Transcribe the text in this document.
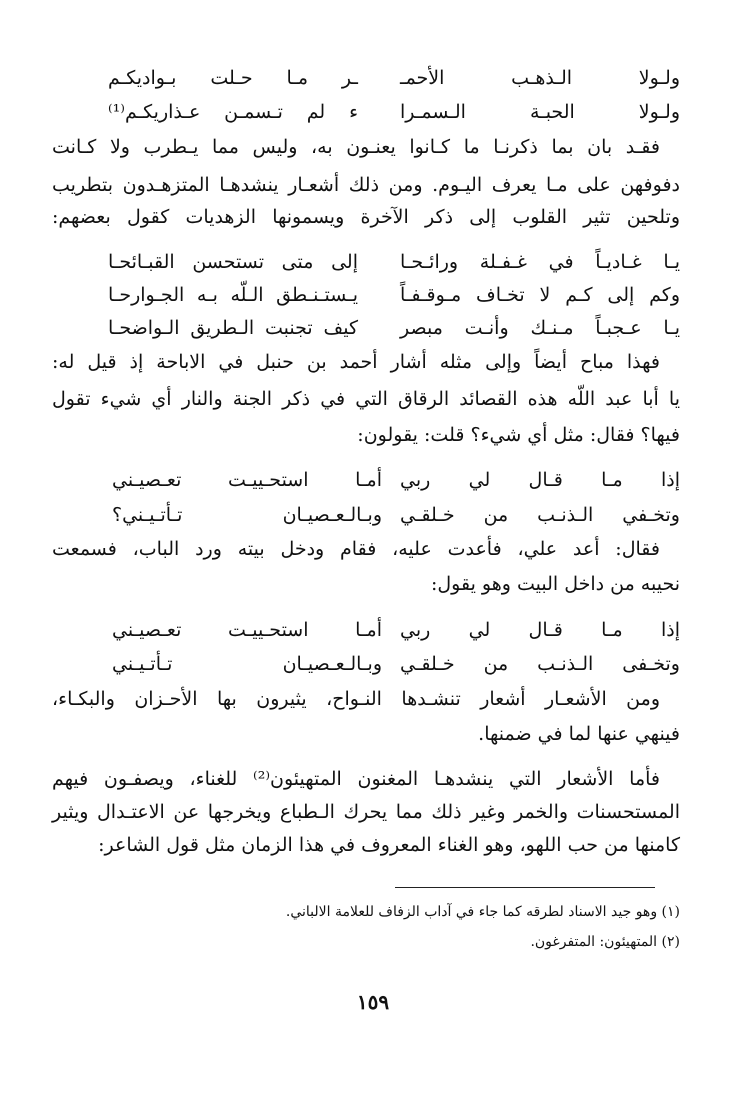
ولـولا الـذهـب الأحمـ
ـر مـا حـلت بـواديكـم
ولـولا الحبـة الـسمـرا
ء لم تـسمـن عـذاريكـم⁽¹⁾
فقـد بان بما ذكرنـا ما كـانوا يعنـون به، وليس مما يـطرب ولا كـانت
دفوفهن على مـا يعرف اليـوم. ومن ذلك أشعـار ينشدهـا المتزهـدون بتطريب
وتلحين تثير القلوب إلى ذكر الآخرة ويسمونها الزهديات كقول بعضهم:
يـا غـاديـاً في غـفـلة ورائـحـا
إلى متى تستحسن القبـائحـا
وكم إلى كـم لا تخـاف مـوقـفـاً
يـستـنـطق الـلّه بـه الجـوارحـا
يـا عـجبـاً مـنـك وأنـت مبصر
كيف تجنبت الـطريق الـواضحـا
فهذا مباح أيضاً وإلى مثله أشار أحمد بن حنبل في الاباحة إذ قيل له:
يا أبا عبد اللّه هذه القصائد الرقاق التي في ذكر الجنة والنار أي شيء تقول
فيها؟ فقال: مثل أي شيء؟ قلت: يقولون:
إذا مـا قـال لي ربي
أمـا استحـييـت تعـصيـني
وتخـفي الـذنـب من خـلقـي
وبـالـعـصيـان تـأتـيـني؟
فقال: أعد علي، فأعدت عليه، فقام ودخل بيته ورد الباب، فسمعت
نحيبه من داخل البيت وهو يقول:
إذا مـا قـال لي ربي
أمـا استحـييـت تعـصيـني
وتخـفى الـذنـب من خـلقـي
وبـالـعـصيـان تـأتـيـني
ومن الأشعـار أشعار تنشـدها النـواح، يثيرون بها الأحـزان والبكـاء،
فينهي عنها لما في ضمنها.
فأما الأشعار التي ينشدهـا المغنون المتهيئون⁽²⁾ للغناء، ويصفـون فيهم
المستحسنات والخمر وغير ذلك مما يحرك الـطباع ويخرجها عن الاعتـدال ويثير
كامنها من حب اللهو، وهو الغناء المعروف في هذا الزمان مثل قول الشاعر:
(١) وهو جيد الاسناد لطرقه كما جاء في آداب الزفاف للعلامة الالباني.
(٢) المتهيئون: المتفرغون.
١٥٩
